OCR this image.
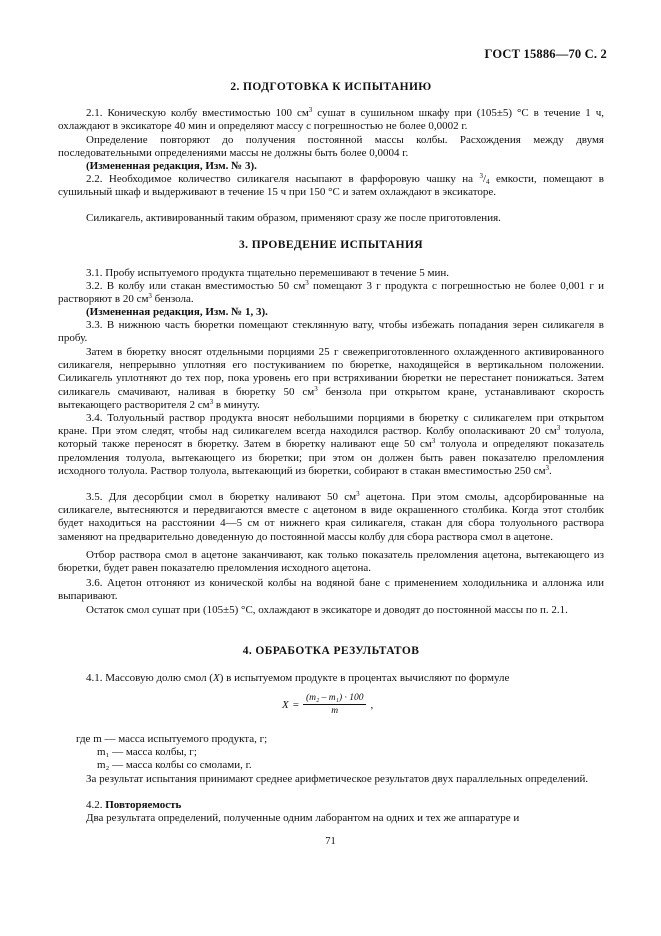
ГОСТ 15886—70 С. 2
2. ПОДГОТОВКА К ИСПЫТАНИЮ

2.1. Коническую колбу вместимостью 100 $см^3$ сушат в сушильном шкафу при (105±5) °С в течение 1 ч, охлаждают в эксикаторе 40 мин и определяют массу с погрешностью не более 0,0002 г.

Определение повторяют до получения постоянной массы колбы. Расхождения между двумя последовательными определениями массы не должны быть более 0,0004 г.

(Измененная редакция, Изм. № 3).

2.2. Необходимое количество силикагеля насыпают в фарфоровую чашку на $^3/_4$ емкости, помещают в сушильный шкаф и выдерживают в течение 15 ч при 150 °С и затем охлаждают в эксикаторе.

Силикагель, активированный таким образом, применяют сразу же после приготовления.

3. ПРОВЕДЕНИЕ ИСПЫТАНИЯ

3.1. Пробу испытуемого продукта тщательно перемешивают в течение 5 мин.

3.2. В колбу или стакан вместимостью 50 $см^3$ помещают 3 г продукта с погрешностью не более 0,001 г и растворяют в 20 $см^3$ бензола.

(Измененная редакция, Изм. № 1, 3).

3.3. В нижнюю часть бюретки помещают стеклянную вату, чтобы избежать попадания зерен силикагеля в пробу.

Затем в бюретку вносят отдельными порциями 25 г свежеприготовленного охлажденного активированного силикагеля, непрерывно уплотняя его постукиванием по бюретке, находящейся в вертикальном положении. Силикагель уплотняют до тех пор, пока уровень его при встряхивании бюретки не перестанет понижаться. Затем силикагель смачивают, наливая в бюретку 50 $см^3$ бензола при открытом кране, устанавливают скорость вытекающего растворителя 2 $см^3$ в минуту.

3.4. Толуольный раствор продукта вносят небольшими порциями в бюретку с силикагелем при открытом кране. При этом следят, чтобы над силикагелем всегда находился раствор. Колбу ополаскивают 20 $см^3$ толуола, который также переносят в бюретку. Затем в бюретку наливают еще 50 $см^3$ толуола и определяют показатель преломления толуола, вытекающего из бюретки; при этом он должен быть равен показателю преломления исходного толуола. Раствор толуола, вытекающий из бюретки, собирают в стакан вместимостью 250 $см^3$.

3.5. Для десорбции смол в бюретку наливают 50 $см^3$ ацетона. При этом смолы, адсорбированные на силикагеле, вытесняются и передвигаются вместе с ацетоном в виде окрашенного столбика. Когда этот столбик будет находиться на расстоянии 4—5 см от нижнего края силикагеля, стакан для сбора толуольного раствора заменяют на предварительно доведенную до постоянной массы колбу для сбора раствора смол в ацетоне.

Отбор раствора смол в ацетоне заканчивают, как только показатель преломления ацетона, вытекающего из бюретки, будет равен показателю преломления исходного ацетона.

3.6. Ацетон отгоняют из конической колбы на водяной бане с применением холодильника и аллонжа или выпаривают.

Остаток смол сушат при (105±5) °С, охлаждают в эксикаторе и доводят до постоянной массы по п. 2.1.

4. ОБРАБОТКА РЕЗУЛЬТАТОВ

4.1. Массовую долю смол (X) в испытуемом продукте в процентах вычисляют по формуле

$X = \frac{\text{(m₂ – m₁) · 100}}{m}$ ,

где m — масса испытуемого продукта, г;

m₁ — масса колбы, г;

m₂ — масса колбы со смолами, г.

За результат испытания принимают среднее арифметическое результатов двух параллельных определений.

4.2. Повторяемость

Два результата определений, полученные одним лаборантом на одних и тех же аппаратуре и

71
